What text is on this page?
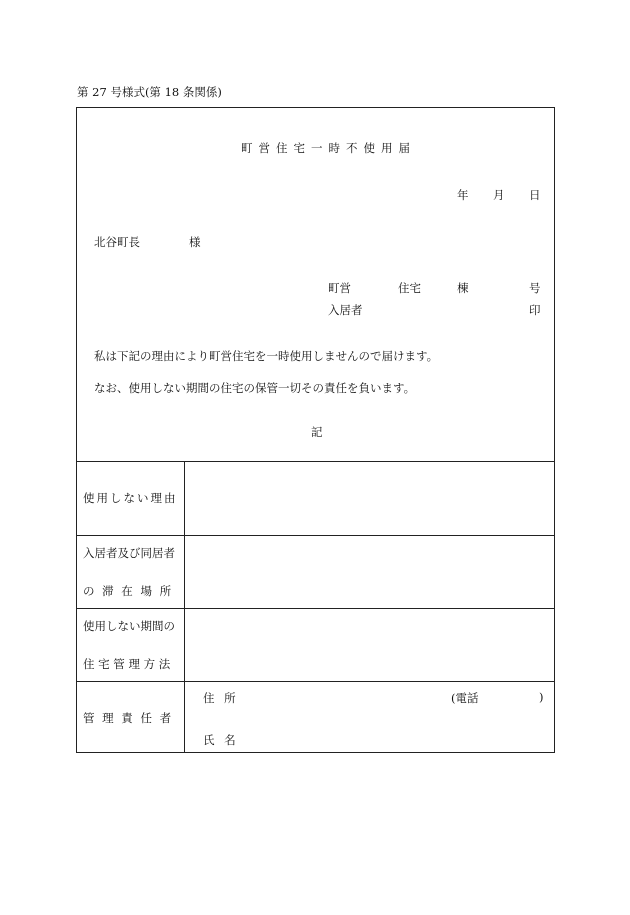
第 27 号様式(第 18 条関係)
町営住宅一時不使用届
年 月 日
北谷町長	様
町営	住宅	棟	号
入居者	印
私は下記の理由により町営住宅を一時使用しませんので届けます。
なお、使用しない期間の住宅の保管一切その責任を負います。
記
使用しない理由
入居者及び同居者
の 滞 在 場 所
使用しない期間の
住 宅 管 理 方 法
管 理 責 任 者
住 所	(電話	)
氏 名
